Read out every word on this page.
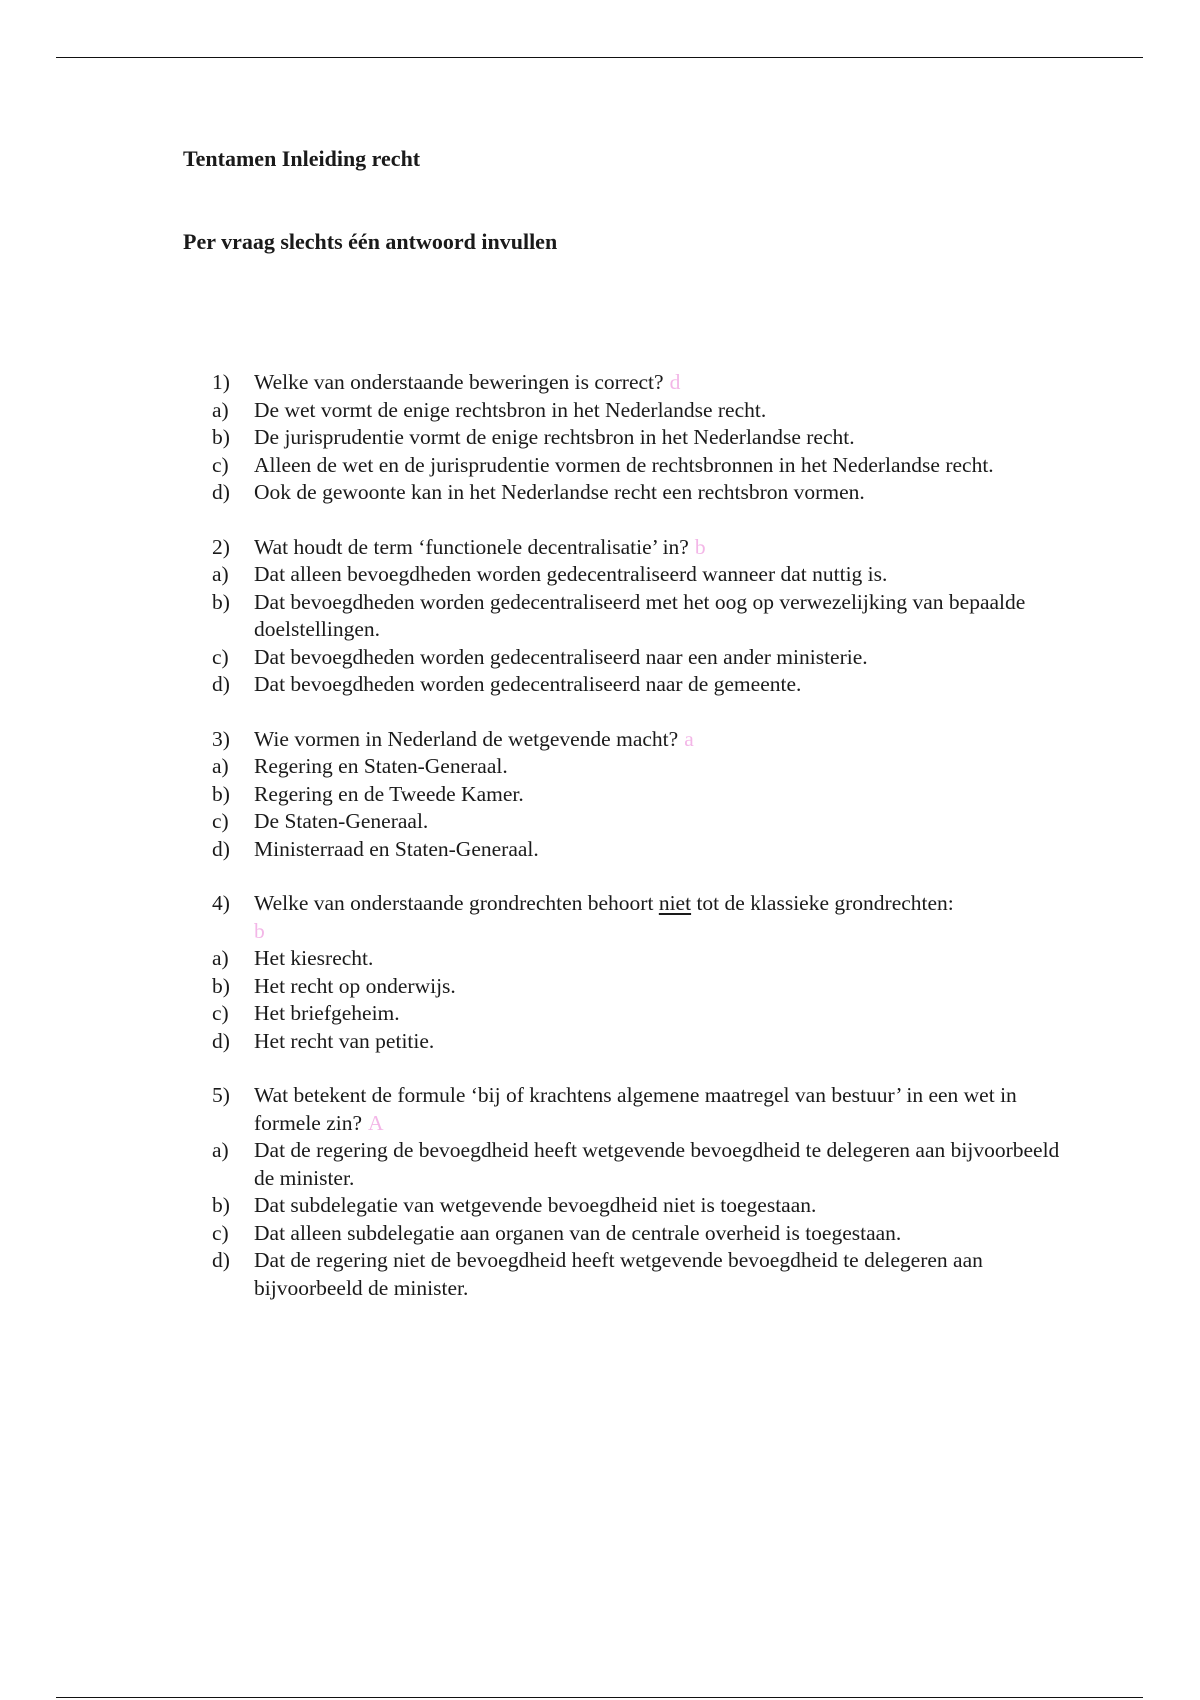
Tentamen Inleiding recht
Per vraag slechts één antwoord invullen
1)	Welke van onderstaande beweringen is correct? d
a)	De wet vormt de enige rechtsbron in het Nederlandse recht.
b)	De jurisprudentie vormt de enige rechtsbron in het Nederlandse recht.
c)	Alleen de wet en de jurisprudentie vormen de rechtsbronnen in het Nederlandse recht.
d)	Ook de gewoonte kan in het Nederlandse recht een rechtsbron vormen.
2)	Wat houdt de term ‘functionele decentralisatie’ in? b
a)	Dat alleen bevoegdheden worden gedecentraliseerd wanneer dat nuttig is.
b)	Dat bevoegdheden worden gedecentraliseerd met het oog op verwezelijking van bepaalde doelstellingen.
c)	Dat bevoegdheden worden gedecentraliseerd naar een ander ministerie.
d)	Dat bevoegdheden worden gedecentraliseerd naar de gemeente.
3)	Wie vormen in Nederland de wetgevende macht? a
a)	Regering en Staten-Generaal.
b)	Regering en de Tweede Kamer.
c)	De Staten-Generaal.
d)	Ministerraad en Staten-Generaal.
4)	Welke van onderstaande grondrechten behoort niet tot de klassieke grondrechten:
b
a)	Het kiesrecht.
b)	Het recht op onderwijs.
c)	Het briefgeheim.
d)	Het recht van petitie.
5)	Wat betekent de formule ‘bij of krachtens algemene maatregel van bestuur’ in een wet in formele zin? A
a)	Dat de regering de bevoegdheid heeft wetgevende bevoegdheid te delegeren aan bijvoorbeeld de minister.
b)	Dat subdelegatie van wetgevende bevoegdheid niet is toegestaan.
c)	Dat alleen subdelegatie aan organen van de centrale overheid is toegestaan.
d)	Dat de regering niet de bevoegdheid heeft wetgevende bevoegdheid te delegeren aan bijvoorbeeld de minister.
